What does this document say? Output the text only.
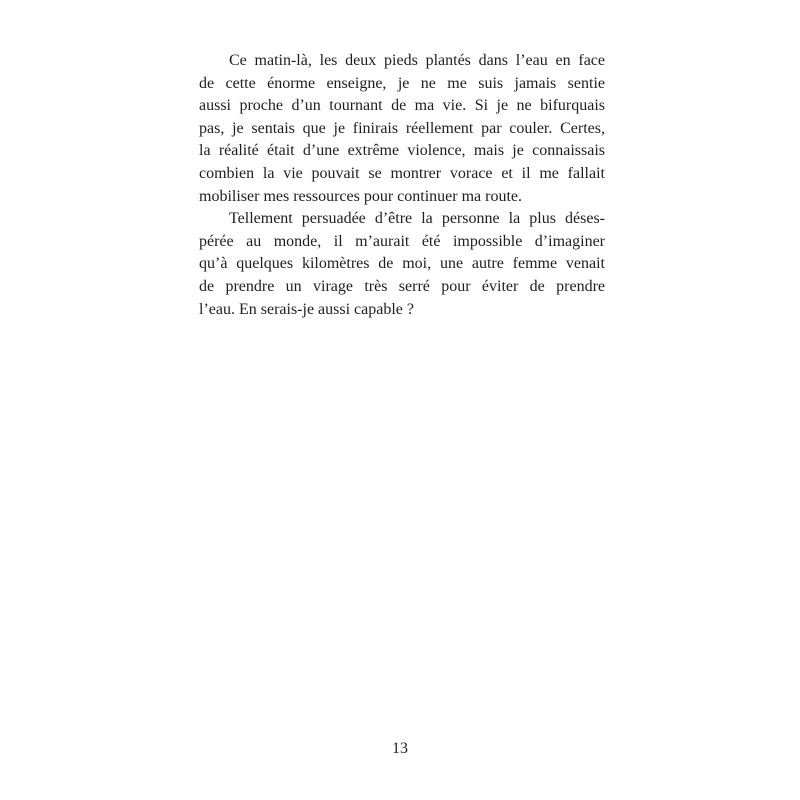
Ce matin-là, les deux pieds plantés dans l’eau en face
de cette énorme enseigne, je ne me suis jamais sentie
aussi proche d’un tournant de ma vie. Si je ne bifurquais
pas, je sentais que je finirais réellement par couler. Certes,
la réalité était d’une extrême violence, mais je connaissais
combien la vie pouvait se montrer vorace et il me fallait
mobiliser mes ressources pour continuer ma route.
Tellement persuadée d’être la personne la plus déses-
pérée au monde, il m’aurait été impossible d’imaginer
qu’à quelques kilomètres de moi, une autre femme venait
de prendre un virage très serré pour éviter de prendre
l’eau. En serais-je aussi capable ?
13
